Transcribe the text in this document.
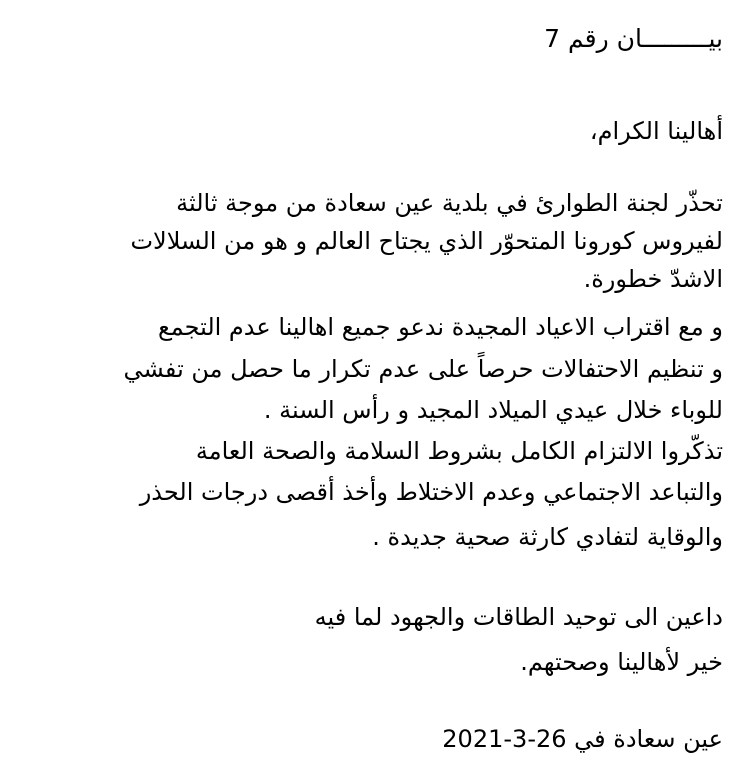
بيـــــــــان رقم 7
أهالينا الكرام،
تحذّر لجنة الطوارئ في بلدية عين سعادة من موجة ثالثة
لفيروس كورونا المتحوّر الذي يجتاح العالم و هو من السلالات
الاشدّ خطورة.
و مع اقتراب الاعياد المجيدة ندعو جميع اهالينا عدم التجمع
و تنظيم الاحتفالات حرصاً على عدم تكرار ما حصل من تفشي
للوباء خلال عيدي الميلاد المجيد و رأس السنة .
تذكّروا الالتزام الكامل بشروط السلامة والصحة العامة
والتباعد الاجتماعي وعدم الاختلاط وأخذ أقصى درجات الحذر
والوقاية لتفادي كارثة صحية جديدة .
داعين الى توحيد الطاقات والجهود لما فيه
خير لأهالينا وصحتهم.
عين سعادة في 26-3-2021
